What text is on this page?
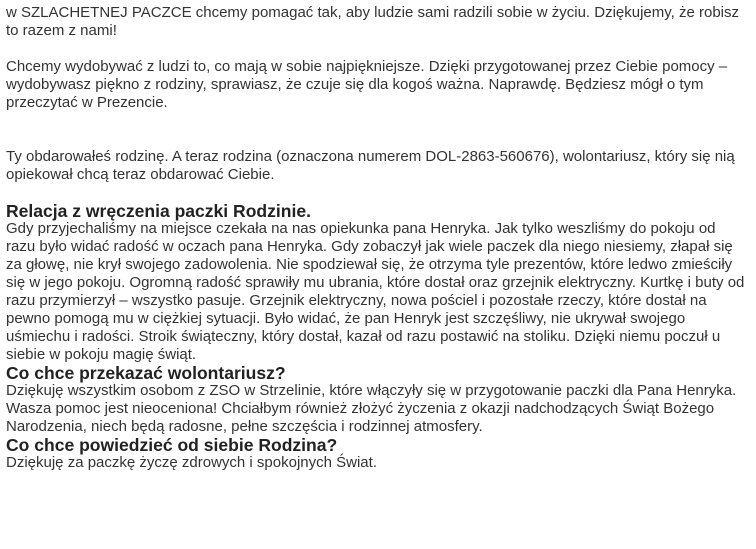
w SZLACHETNEJ PACZCE chcemy pomagać tak, aby ludzie sami radzili sobie w życiu. Dziękujemy, że robisz to razem z nami!

Chcemy wydobywać z ludzi to, co mają w sobie najpiękniejsze. Dzięki przygotowanej przez Ciebie pomocy – wydobywasz piękno z rodziny, sprawiasz, że czuje się dla kogoś ważna. Naprawdę. Będziesz mógł o tym przeczytać w Prezencie.

Ty obdarowałeś rodzinę. A teraz rodzina (oznaczona numerem DOL-2863-560676), wolontariusz, który się nią opiekował chcą teraz obdarować Ciebie.

Relacja z wręczenia paczki Rodzinie.

Gdy przyjechaliśmy na miejsce czekała na nas opiekunka pana Henryka. Jak tylko weszliśmy do pokoju od razu było widać radość w oczach pana Henryka. Gdy zobaczył jak wiele paczek dla niego niesiemy, złapał się za głowę, nie krył swojego zadowolenia. Nie spodziewał się, że otrzyma tyle prezentów, które ledwo zmieściły się w jego pokoju. Ogromną radość sprawiły mu ubrania, które dostał oraz grzejnik elektryczny. Kurtkę i buty od razu przymierzył – wszystko pasuje. Grzejnik elektryczny, nowa pościel i pozostałe rzeczy, które dostał na pewno pomogą mu w ciężkiej sytuacji. Było widać, że pan Henryk jest szczęśliwy, nie ukrywał swojego uśmiechu i radości. Stroik świąteczny, który dostał, kazał od razu postawić na stoliku. Dzięki niemu poczuł u siebie w pokoju magię świąt.

Co chce przekazać wolontariusz?

Dziękuję wszystkim osobom z ZSO w Strzelinie, które włączyły się w przygotowanie paczki dla Pana Henryka. Wasza pomoc jest nieoceniona! Chciałbym również złożyć życzenia z okazji nadchodzących Świąt Bożego Narodzenia, niech będą radosne, pełne szczęścia i rodzinnej atmosfery.

Co chce powiedzieć od siebie Rodzina?

Dziękuję za paczkę życzę zdrowych i spokojnych Świat.
